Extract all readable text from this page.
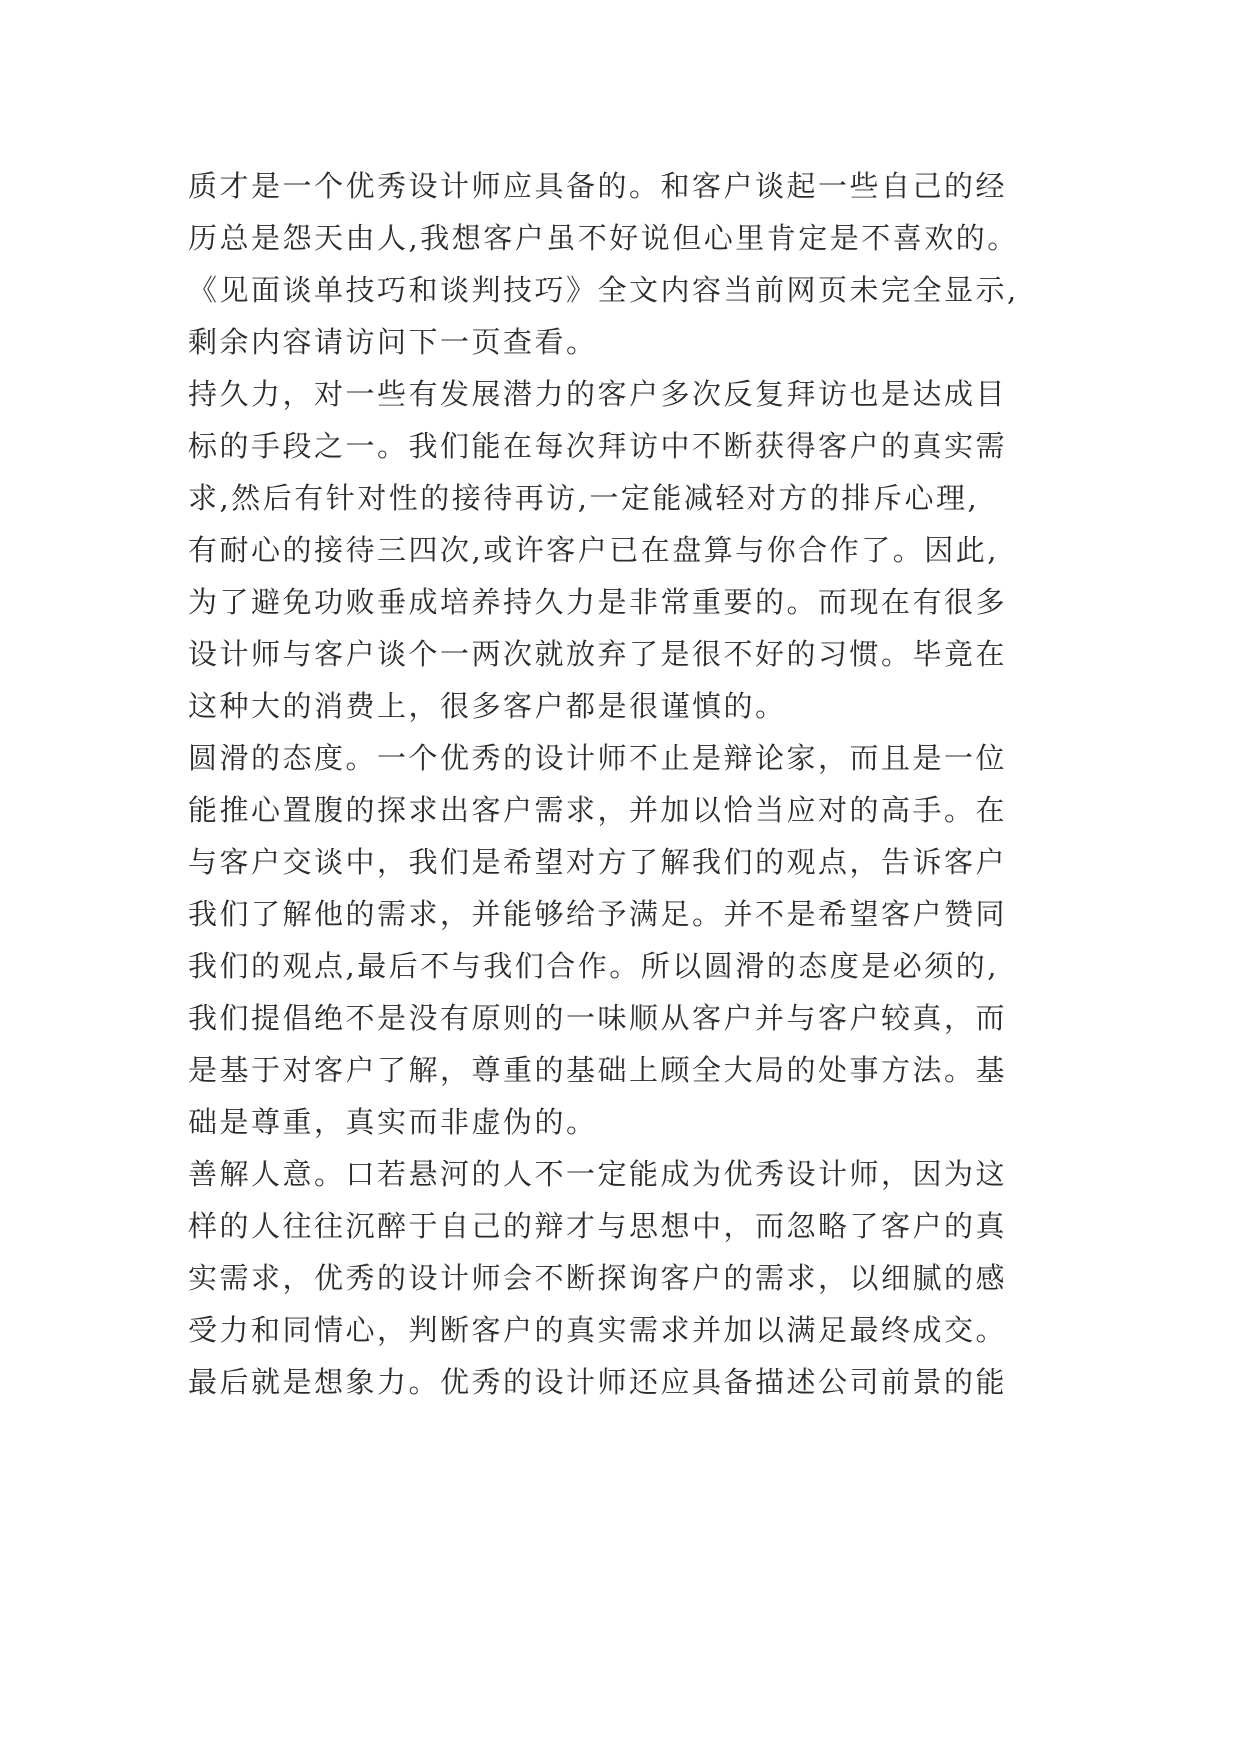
质才是一个优秀设计师应具备的。和客户谈起一些自己的经
历总是怨天由人,我想客户虽不好说但心里肯定是不喜欢的。
《见面谈单技巧和谈判技巧》全文内容当前网页未完全显示,
剩余内容请访问下一页查看。
持久力，对一些有发展潜力的客户多次反复拜访也是达成目
标的手段之一。我们能在每次拜访中不断获得客户的真实需
求,然后有针对性的接待再访,一定能减轻对方的排斥心理,
有耐心的接待三四次,或许客户已在盘算与你合作了。因此,
为了避免功败垂成培养持久力是非常重要的。而现在有很多
设计师与客户谈个一两次就放弃了是很不好的习惯。毕竟在
这种大的消费上，很多客户都是很谨慎的。
圆滑的态度。一个优秀的设计师不止是辩论家，而且是一位
能推心置腹的探求出客户需求，并加以恰当应对的高手。在
与客户交谈中，我们是希望对方了解我们的观点，告诉客户
我们了解他的需求，并能够给予满足。并不是希望客户赞同
我们的观点,最后不与我们合作。所以圆滑的态度是必须的,
我们提倡绝不是没有原则的一味顺从客户并与客户较真，而
是基于对客户了解，尊重的基础上顾全大局的处事方法。基
础是尊重，真实而非虚伪的。
善解人意。口若悬河的人不一定能成为优秀设计师，因为这
样的人往往沉醉于自己的辩才与思想中，而忽略了客户的真
实需求，优秀的设计师会不断探询客户的需求，以细腻的感
受力和同情心，判断客户的真实需求并加以满足最终成交。
最后就是想象力。优秀的设计师还应具备描述公司前景的能
